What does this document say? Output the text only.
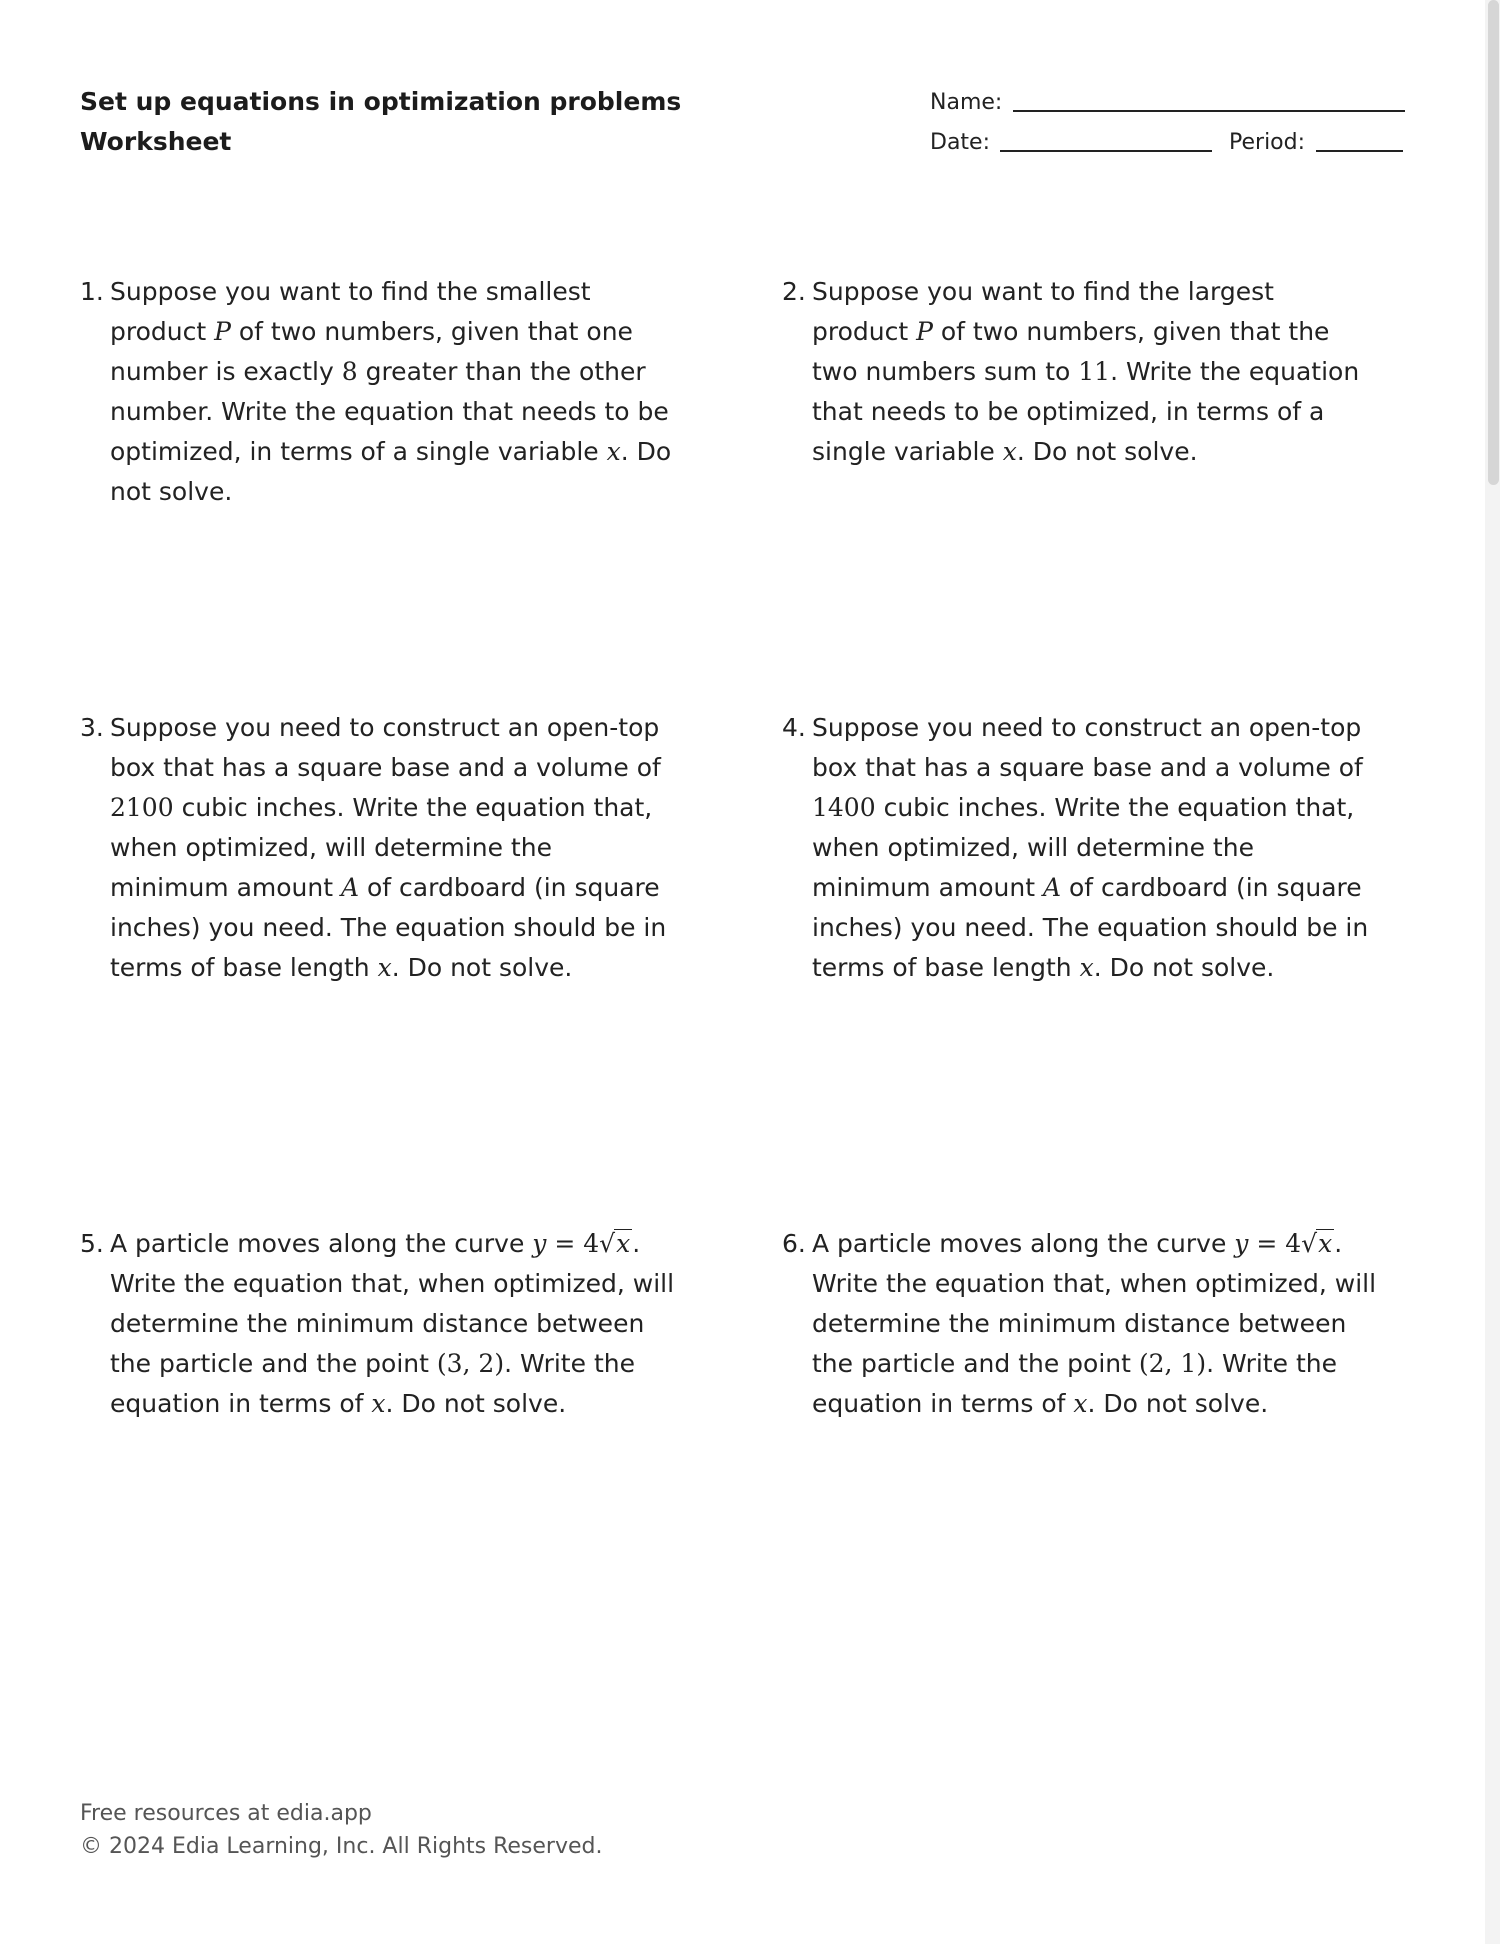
Set up equations in optimization problems
Worksheet
Name:
Date:	Period:
1. Suppose you want to find the smallest product P of two numbers, given that one number is exactly 8 greater than the other number. Write the equation that needs to be optimized, in terms of a single variable x. Do not solve.
2. Suppose you want to find the largest product P of two numbers, given that the two numbers sum to 11. Write the equation that needs to be optimized, in terms of a single variable x. Do not solve.
3. Suppose you need to construct an open-top box that has a square base and a volume of 2100 cubic inches. Write the equation that, when optimized, will determine the minimum amount A of cardboard (in square inches) you need. The equation should be in terms of base length x. Do not solve.
4. Suppose you need to construct an open-top box that has a square base and a volume of 1400 cubic inches. Write the equation that, when optimized, will determine the minimum amount A of cardboard (in square inches) you need. The equation should be in terms of base length x. Do not solve.
5. A particle moves along the curve y = 4√x. Write the equation that, when optimized, will determine the minimum distance between the particle and the point (3, 2). Write the equation in terms of x. Do not solve.
6. A particle moves along the curve y = 4√x. Write the equation that, when optimized, will determine the minimum distance between the particle and the point (2, 1). Write the equation in terms of x. Do not solve.
Free resources at edia.app
© 2024 Edia Learning, Inc. All Rights Reserved.
